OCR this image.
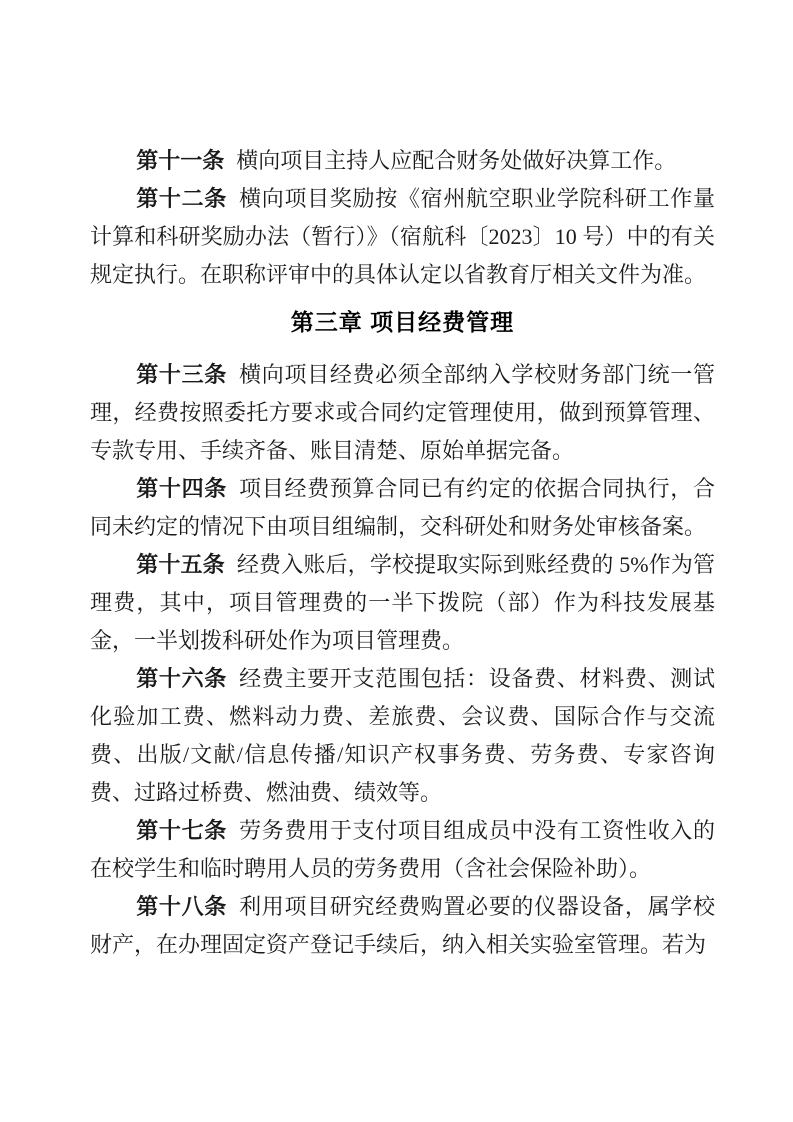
第十一条 横向项目主持人应配合财务处做好决算工作。

第十二条 横向项目奖励按《宿州航空职业学院科研工作量计算和科研奖励办法（暂行）》（宿航科〔2023〕10 号）中的有关规定执行。在职称评审中的具体认定以省教育厅相关文件为准。

第三章 项目经费管理

第十三条 横向项目经费必须全部纳入学校财务部门统一管理，经费按照委托方要求或合同约定管理使用，做到预算管理、专款专用、手续齐备、账目清楚、原始单据完备。

第十四条 项目经费预算合同已有约定的依据合同执行，合同未约定的情况下由项目组编制，交科研处和财务处审核备案。

第十五条 经费入账后，学校提取实际到账经费的 5%作为管理费，其中，项目管理费的一半下拨院（部）作为科技发展基金，一半划拨科研处作为项目管理费。

第十六条 经费主要开支范围包括：设备费、材料费、测试化验加工费、燃料动力费、差旅费、会议费、国际合作与交流费、出版/文献/信息传播/知识产权事务费、劳务费、专家咨询费、过路过桥费、燃油费、绩效等。

第十七条 劳务费用于支付项目组成员中没有工资性收入的在校学生和临时聘用人员的劳务费用（含社会保险补助）。

第十八条 利用项目研究经费购置必要的仪器设备，属学校财产，在办理固定资产登记手续后，纳入相关实验室管理。若为
